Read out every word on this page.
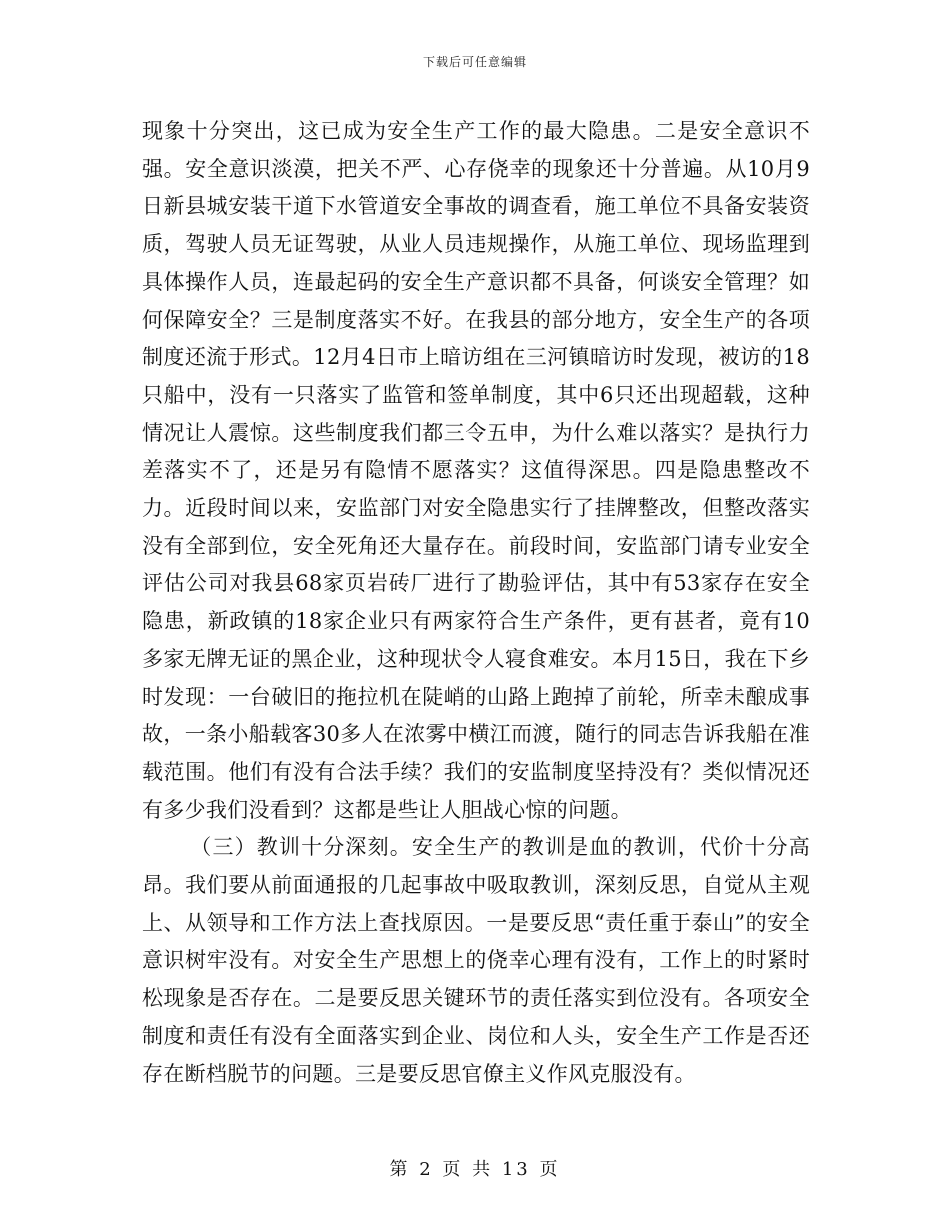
下载后可任意编辑

现象十分突出，这已成为安全生产工作的最大隐患。二是安全意识不强。安全意识淡漠，把关不严、心存侥幸的现象还十分普遍。从10月9日新县城安装干道下水管道安全事故的调查看，施工单位不具备安装资质，驾驶人员无证驾驶，从业人员违规操作，从施工单位、现场监理到具体操作人员，连最起码的安全生产意识都不具备，何谈安全管理？如何保障安全？三是制度落实不好。在我县的部分地方，安全生产的各项制度还流于形式。12月4日市上暗访组在三河镇暗访时发现，被访的18只船中，没有一只落实了监管和签单制度，其中6只还出现超载，这种情况让人震惊。这些制度我们都三令五申，为什么难以落实？是执行力差落实不了，还是另有隐情不愿落实？这值得深思。四是隐患整改不力。近段时间以来，安监部门对安全隐患实行了挂牌整改，但整改落实没有全部到位，安全死角还大量存在。前段时间，安监部门请专业安全评估公司对我县68家页岩砖厂进行了勘验评估，其中有53家存在安全隐患，新政镇的18家企业只有两家符合生产条件，更有甚者，竟有10多家无牌无证的黑企业，这种现状令人寝食难安。本月15日，我在下乡时发现：一台破旧的拖拉机在陡峭的山路上跑掉了前轮，所幸未酿成事故，一条小船载客30多人在浓雾中横江而渡，随行的同志告诉我船在准载范围。他们有没有合法手续？我们的安监制度坚持没有？类似情况还有多少我们没看到？这都是些让人胆战心惊的问题。

（三）教训十分深刻。安全生产的教训是血的教训，代价十分高昂。我们要从前面通报的几起事故中吸取教训，深刻反思，自觉从主观上、从领导和工作方法上查找原因。一是要反思“责任重于泰山”的安全意识树牢没有。对安全生产思想上的侥幸心理有没有，工作上的时紧时松现象是否存在。二是要反思关键环节的责任落实到位没有。各项安全制度和责任有没有全面落实到企业、岗位和人头，安全生产工作是否还存在断档脱节的问题。三是要反思官僚主义作风克服没有。

第 2 页 共 13 页
